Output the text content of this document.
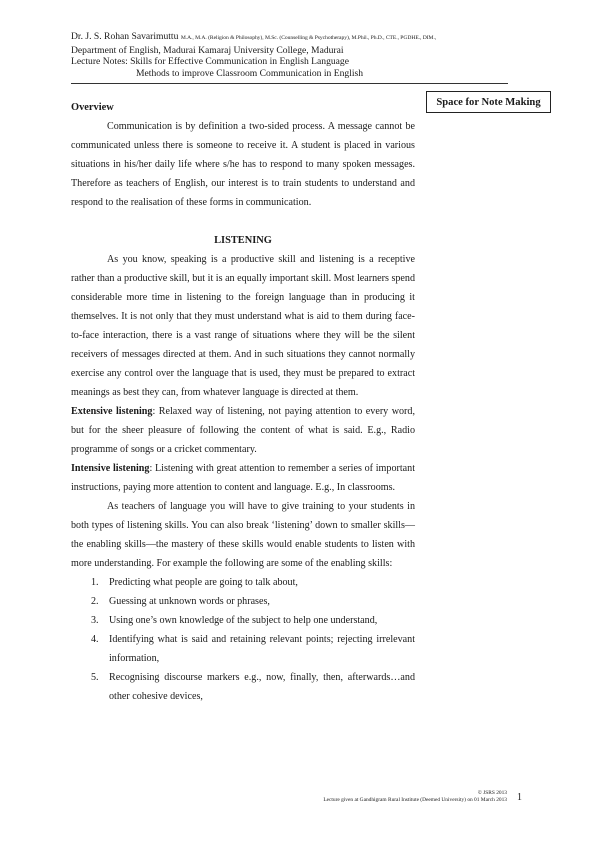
Dr. J. S. Rohan Savarimuttu M.A., M.A. (Religion & Philosophy), M.Sc. (Counselling & Psychotherapy), M.Phil., Ph.D., CTE., PGDHE., DIM.,
Department of English, Madurai Kamaraj University College, Madurai
Lecture Notes: Skills for Effective Communication in English Language
Methods to improve Classroom Communication in English
Space for Note Making
Overview

Communication is by definition a two-sided process. A message cannot be communicated unless there is someone to receive it. A student is placed in various situations in his/her daily life where s/he has to respond to many spoken messages. Therefore as teachers of English, our interest is to train students to understand and respond to the realisation of these forms in communication.

LISTENING

As you know, speaking is a productive skill and listening is a receptive rather than a productive skill, but it is an equally important skill. Most learners spend considerable more time in listening to the foreign language than in producing it themselves. It is not only that they must understand what is aid to them during face-to-face interaction, there is a vast range of situations where they will be the silent receivers of messages directed at them. And in such situations they cannot normally exercise any control over the language that is used, they must be prepared to extract meanings as best they can, from whatever language is directed at them.

Extensive listening: Relaxed way of listening, not paying attention to every word, but for the sheer pleasure of following the content of what is said. E.g., Radio programme of songs or a cricket commentary.

Intensive listening: Listening with great attention to remember a series of important instructions, paying more attention to content and language. E.g., In classrooms.

As teachers of language you will have to give training to your students in both types of listening skills. You can also break ‘listening’ down to smaller skills—the enabling skills—the mastery of these skills would enable students to listen with more understanding. For example the following are some of the enabling skills:

1.	Predicting what people are going to talk about,
2.	Guessing at unknown words or phrases,
3.	Using one’s own knowledge of the subject to help one understand,
4.	Identifying what is said and retaining relevant points; rejecting irrelevant information,
5.	Recognising discourse markers e.g., now, finally, then, afterwards…and other cohesive devices,
© JSRS 2013
Lecture given at Gandhigram Rural Institute (Deemed University) on 01 March 2013 1
